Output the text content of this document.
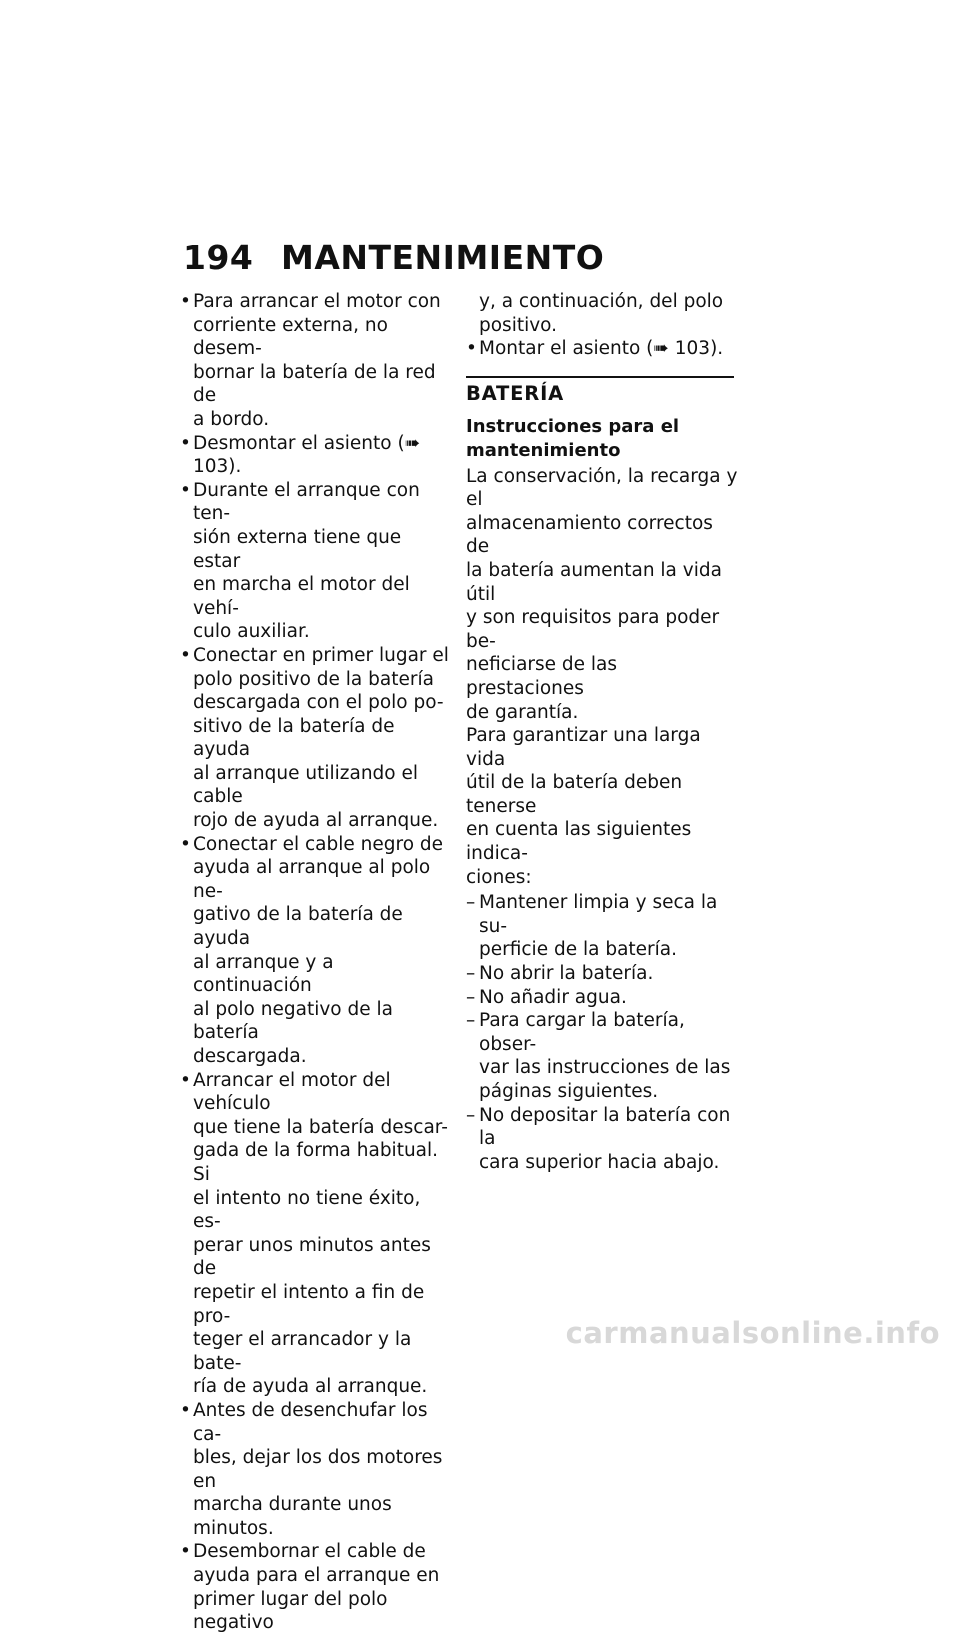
194 MANTENIMIENTO
• Para arrancar el motor con
corriente externa, no desem-
bornar la batería de la red de
a bordo.
• Desmontar el asiento (➠ 103).
• Durante el arranque con ten-
sión externa tiene que estar
en marcha el motor del vehí-
culo auxiliar.
• Conectar en primer lugar el
polo positivo de la batería
descargada con el polo po-
sitivo de la batería de ayuda
al arranque utilizando el cable
rojo de ayuda al arranque.
• Conectar el cable negro de
ayuda al arranque al polo ne-
gativo de la batería de ayuda
al arranque y a continuación
al polo negativo de la batería
descargada.
• Arrancar el motor del vehículo
que tiene la batería descar-
gada de la forma habitual. Si
el intento no tiene éxito, es-
perar unos minutos antes de
repetir el intento a fin de pro-
teger el arrancador y la bate-
ría de ayuda al arranque.
• Antes de desenchufar los ca-
bles, dejar los dos motores en
marcha durante unos minutos.
• Desembornar el cable de
ayuda para el arranque en
primer lugar del polo negativo
y, a continuación, del polo
positivo.
• Montar el asiento (➠ 103).
BATERÍA
Instrucciones para el
mantenimiento

La conservación, la recarga y el
almacenamiento correctos de
la batería aumentan la vida útil
y son requisitos para poder be-
neficiarse de las prestaciones
de garantía.

Para garantizar una larga vida
útil de la batería deben tenerse
en cuenta las siguientes indica-
ciones:

– Mantener limpia y seca la su-
perficie de la batería.
– No abrir la batería.
– No añadir agua.
– Para cargar la batería, obser-
var las instrucciones de las
páginas siguientes.
– No depositar la batería con la
cara superior hacia abajo.
carmanualsonline.info
